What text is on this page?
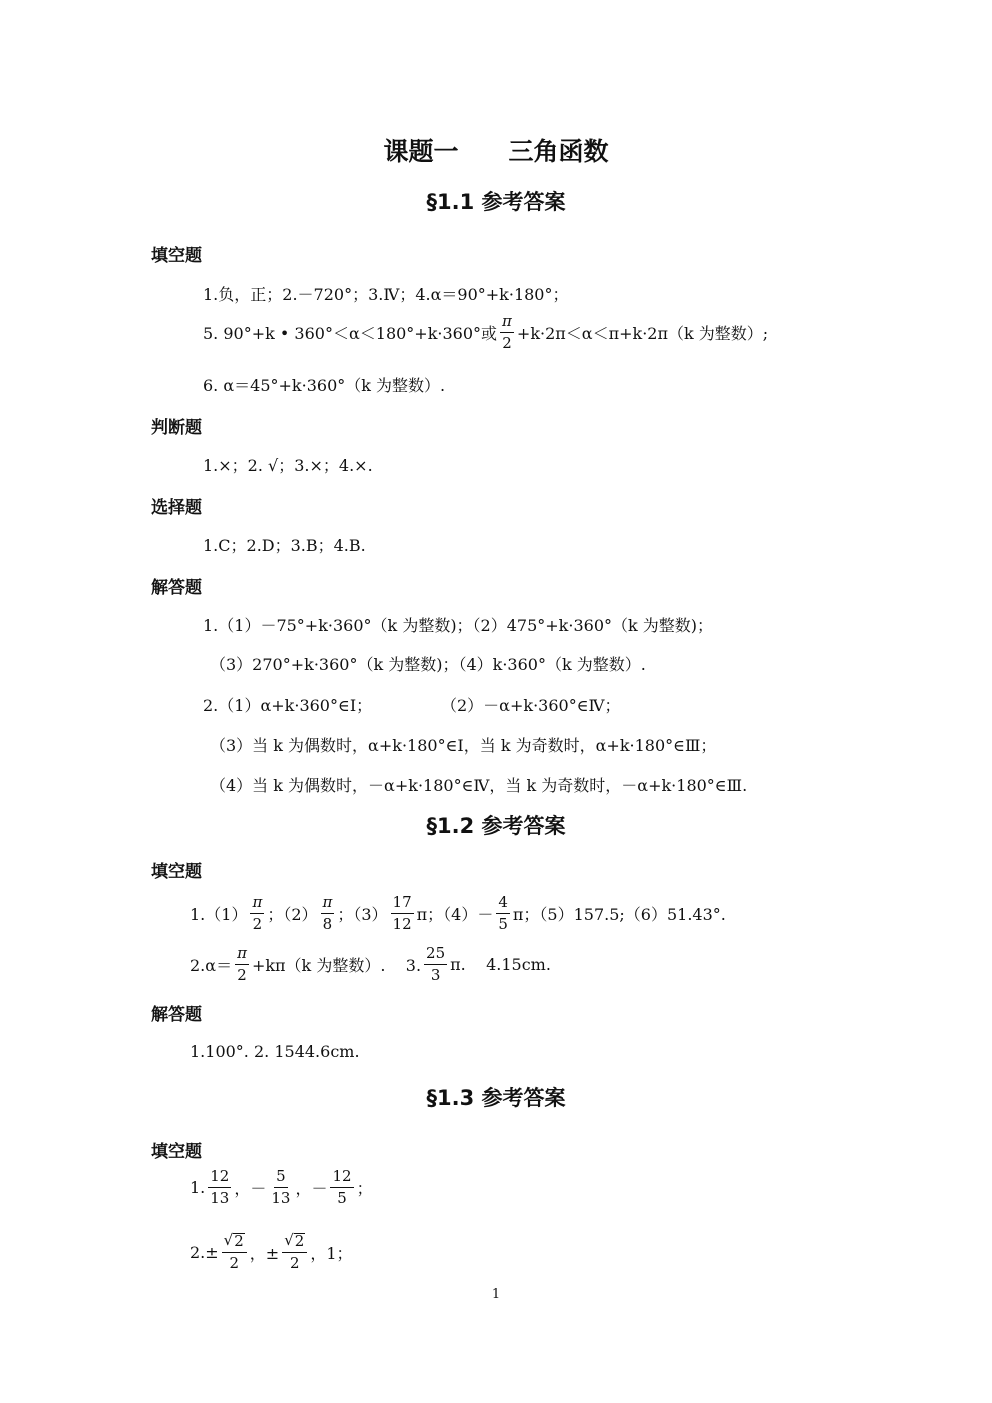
课题一　　三角函数
§1.1 参考答案
填空题
1.负，正；2.－720°；3.Ⅳ；4.α＝90°+k·180°；
5. 90°+k • 360°＜α＜180°+k·360°或 $\frac{\pi}{2} +k\cdot 2\pi<\alpha<\pi+k\cdot 2\pi(k$ 为整数）;
6. α＝45°+k·360°（k 为整数）.
判断题
1.×；2. √；3.×；4.×.
选择题
1.C；2.D；3.B；4.B.
解答题
1.（1）－75°+k·360°（k 为整数)；（2）475°+k·360°（k 为整数)；
（3）270°+k·360°（k 为整数)；（4）k·360°（k 为整数）.
2.（1）α+k·360°∈Ⅰ；	（2）－α+k·360°∈Ⅳ；
（3）当 k 为偶数时，α+k·180°∈Ⅰ，当 k 为奇数时，α+k·180°∈Ⅲ；
（4）当 k 为偶数时，－α+k·180°∈Ⅳ，当 k 为奇数时，－α+k·180°∈Ⅲ.
§1.2 参考答案
填空题
$1.(1) \frac{\pi}{2}$ ；$(2) \frac{\pi}{8}$ ；$(3) \frac{17}{12}$ π；$(4)- \frac{4}{5}$ π；（5）157.5;（6）51.43°.
$2.\alpha= \frac{\pi}{2} +k\pi(k$ 为整数）.    3. $\frac{25}{3} \pi$.    4.15cm.
解答题
1.100°. 2. 1544.6cm.
§1.3 参考答案
填空题
1. $\frac{12}{13}$ ，－ $\frac{5}{13}$ ，－ $\frac{12}{5}$ ；
$2.\pm \frac{√ 2}{2}$ ，± $\frac{√ 2}{2}$ ，1；
1
